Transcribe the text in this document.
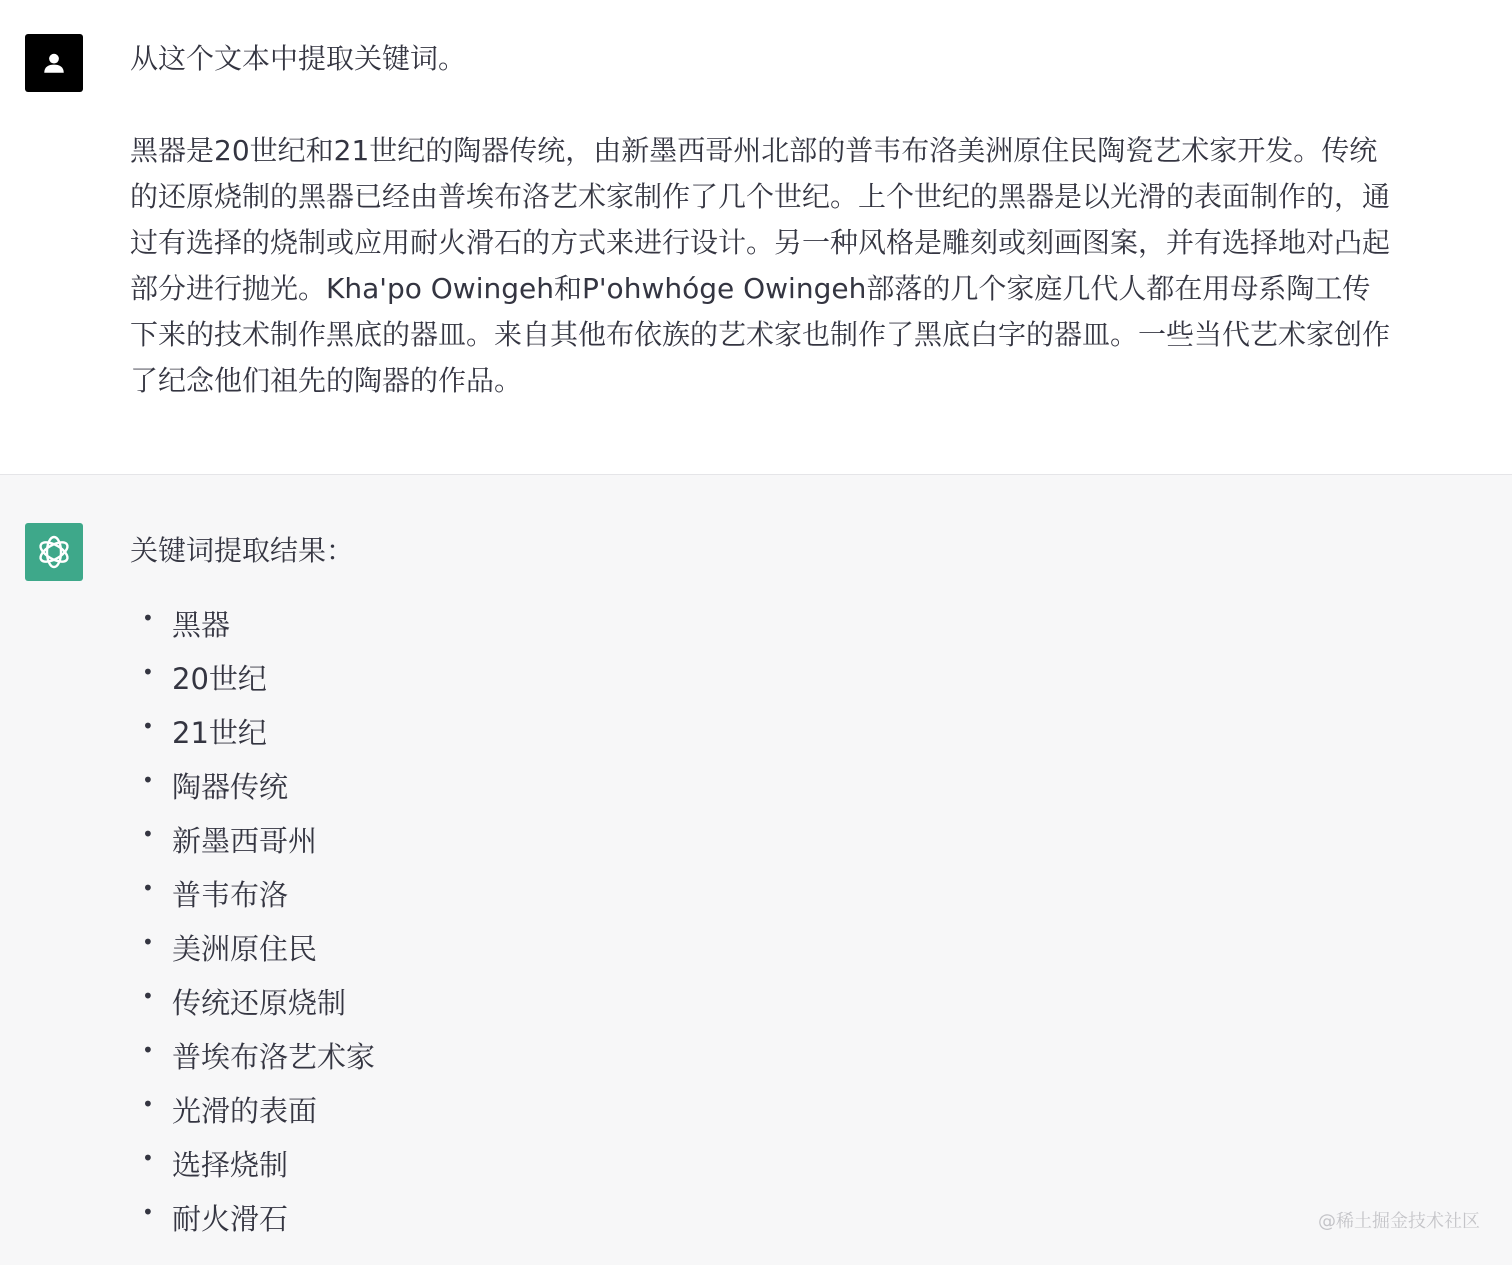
从这个文本中提取关键词。

黑器是20世纪和21世纪的陶器传统，由新墨西哥州北部的普韦布洛美洲原住民陶瓷艺术家开发。传统的还原烧制的黑器已经由普埃布洛艺术家制作了几个世纪。上个世纪的黑器是以光滑的表面制作的，通过有选择的烧制或应用耐火滑石的方式来进行设计。另一种风格是雕刻或刻画图案，并有选择地对凸起部分进行抛光。Kha'po Owingeh和P'ohwhóge Owingeh部落的几个家庭几代人都在用母系陶工传下来的技术制作黑底的器皿。来自其他布依族的艺术家也制作了黑底白字的器皿。一些当代艺术家创作了纪念他们祖先的陶器的作品。

关键词提取结果：
• 黑器
• 20世纪
• 21世纪
• 陶器传统
• 新墨西哥州
• 普韦布洛
• 美洲原住民
• 传统还原烧制
• 普埃布洛艺术家
• 光滑的表面
• 选择烧制
• 耐火滑石	@稀土掘金技术社区
